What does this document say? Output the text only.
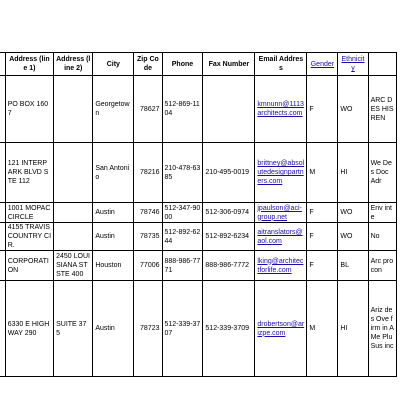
	Address (line 1)	Address (line 2)	City	Zip Code	Phone	Fax Number	Email Address	Gender	Ethnicity	
	PO BOX 1607		Georgetown	78627	512-869-1104		kmnunn@1113architects.com	F	WO	ARC DES HIS REN
	121 INTERPARK BLVD STE 112		San Antonio	78216	210-478-6385	210-495-0019	brittney@absolutedesignpartners.com	M	HI	We Des Doc Adr
	1001 MOPAC CIRCLE		Austin	78746	512-347-9000	512-306-0974	jpaulson@aci-group.net	F	WO	Env inte
	4155 TRAVIS COUNTRY CIR.		Austin	78735	512-892-6244	512-892-6234	aitranslators@aol.com	F	WO	No
	CORPORATION	2450 LOUISIANA ST STE 400	Houston	77006	888-986-7771	888-986-7772	lking@architectforlife.com	F	BL	Arc pro con
	6330 E HIGHWAY 290	SUITE 375	Austin	78723	512-339-3707	512-339-3709	drobertson@arizpe.com	M	HI	Ariz des Ove firm in A Me Plu Sus inc
